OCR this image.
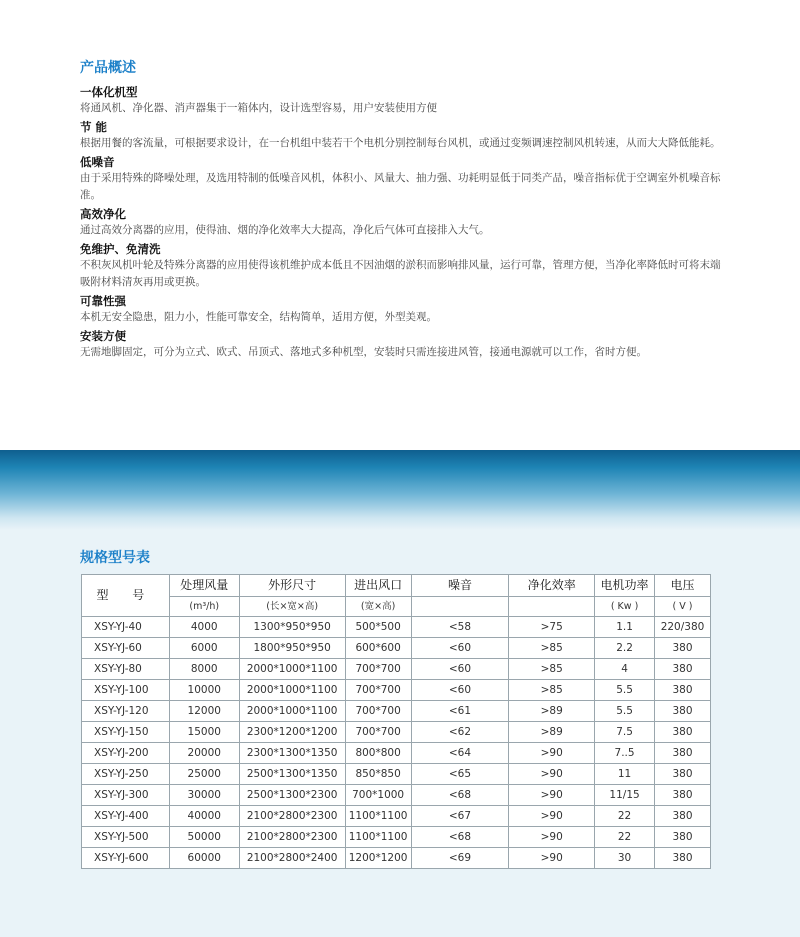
产品概述
一体化机型
将通风机、净化器、消声器集于一箱体内，设计选型容易，用户安装使用方便
节 能
根据用餐的客流量，可根据要求设计，在一台机组中装若干个电机分别控制每台风机，或通过变频调速控制风机转速，从而大大降低能耗。
低噪音
由于采用特殊的降噪处理，及选用特制的低噪音风机，体积小、风量大、抽力强、功耗明显低于同类产品，噪音指标优于空调室外机噪音标准。
高效净化
通过高效分离器的应用，使得油、烟的净化效率大大提高，净化后气体可直接排入大气。
免维护、免清洗
不积灰风机叶轮及特殊分离器的应用使得该机维护成本低且不因油烟的淤积而影响排风量，运行可靠，管理方便，当净化率降低时可将末端吸附材料清灰再用或更换。
可靠性强
本机无安全隐患，阻力小，性能可靠安全，结构简单，适用方便，外型美观。
安装方便
无需地脚固定，可分为立式、欧式、吊顶式、落地式多种机型，安装时只需连接进风管，接通电源就可以工作，省时方便。
规格型号表
型 号	处理风量	外形尺寸	进出风口	噪音	净化效率	电机功率	电压
	(m³/h)	(长×宽×高)	(宽×高)			( Kw )	( V )
XSY-YJ-40	4000	1300*950*950	500*500	<58	>75	1.1	220/380
XSY-YJ-60	6000	1800*950*950	600*600	<60	>85	2.2	380
XSY-YJ-80	8000	2000*1000*1100	700*700	<60	>85	4	380
XSY-YJ-100	10000	2000*1000*1100	700*700	<60	>85	5.5	380
XSY-YJ-120	12000	2000*1000*1100	700*700	<61	>89	5.5	380
XSY-YJ-150	15000	2300*1200*1200	700*700	<62	>89	7.5	380
XSY-YJ-200	20000	2300*1300*1350	800*800	<64	>90	7..5	380
XSY-YJ-250	25000	2500*1300*1350	850*850	<65	>90	11	380
XSY-YJ-300	30000	2500*1300*2300	700*1000	<68	>90	11/15	380
XSY-YJ-400	40000	2100*2800*2300	1100*1100	<67	>90	22	380
XSY-YJ-500	50000	2100*2800*2300	1100*1100	<68	>90	22	380
XSY-YJ-600	60000	2100*2800*2400	1200*1200	<69	>90	30	380
